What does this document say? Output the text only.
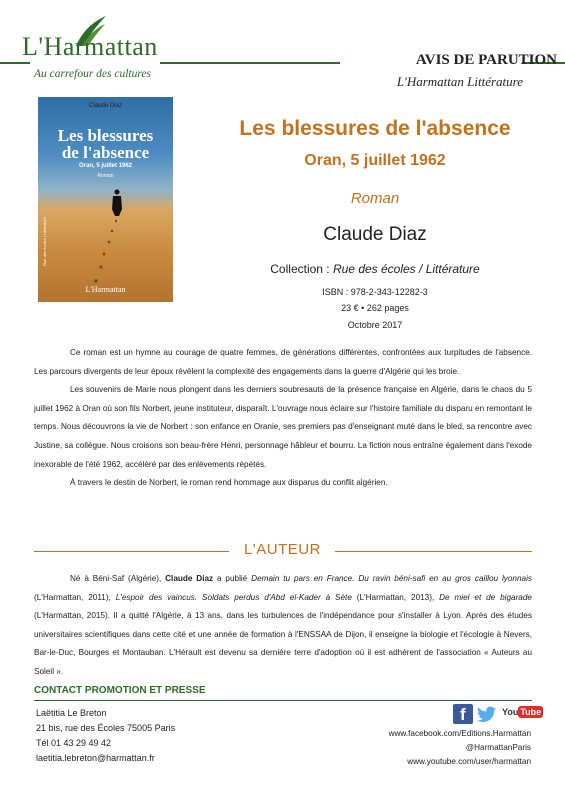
L'Harmattan
Au carrefour des cultures
AVIS DE PARUTION
L'Harmattan Littérature
Claude Diaz
Les blessures
de l'absence
Oran, 5 juillet 1962
Roman
Rue des écoles | Littérature
L'Harmattan
Les blessures de l'absence
Oran, 5 juillet 1962
Roman
Claude Diaz
Collection : Rue des écoles / Littérature
ISBN : 978-2-343-12282-3
23 € • 262 pages
Octobre 2017

Ce roman est un hymne au courage de quatre femmes, de générations différentes, confrontées aux turpitudes de l'absence. Les parcours divergents de leur époux révèlent la complexité des engagements dans la guerre d'Algérie qui les broie.

Les souvenirs de Marie nous plongent dans les derniers soubresauts de la présence française en Algérie, dans le chaos du 5 juillet 1962 à Oran où son fils Norbert, jeune instituteur, disparaît. L'ouvrage nous éclaire sur l'histoire familiale du disparu en remontant le temps. Nous découvrons la vie de Norbert : son enfance en Oranie, ses premiers pas d'enseignant muté dans le bled, sa rencontre avec Justine, sa collègue. Nous croisons son beau-frère Henri, personnage hâbleur et bourru. La fiction nous entraîne également dans l'exode inexorable de l'été 1962, accéléré par des enlèvements répétés.

À travers le destin de Norbert, le roman rend hommage aux disparus du conflit algérien.

L'AUTEUR

Né à Béni-Saf (Algérie), Claude Diaz a publié Demain tu pars en France. Du ravin béni-safi en au gros caillou lyonnais (L'Harmattan, 2011), L'espoir des vaincus. Soldats perdus d'Abd el-Kader à Sète (L'Harmattan, 2013), De miel et de bigarade (L'Harmattan, 2015). Il a quitté l'Algérie, à 13 ans, dans les turbulences de l'indépendance pour s'installer à Lyon. Après des études universitaires scientifiques dans cette cité et une année de formation à l'ENSSAA de Dijon, il enseigne la biologie et l'écologie à Nevers, Bar-le-Duc, Bourges et Montauban. L'Hérault est devenu sa dernière terre d'adoption où il est adhérent de l'association « Auteurs au Soleil ».

CONTACT PROMOTION ET PRESSE
Laëtitia Le Breton
21 bis, rue des Écoles 75005 Paris
Tél 01 43 29 49 42
laetitia.lebreton@harmattan.fr
f	You Tube
www.facebook.com/Editions.Harmattan
@HarmattanParis
www.youtube.com/user/harmattan
